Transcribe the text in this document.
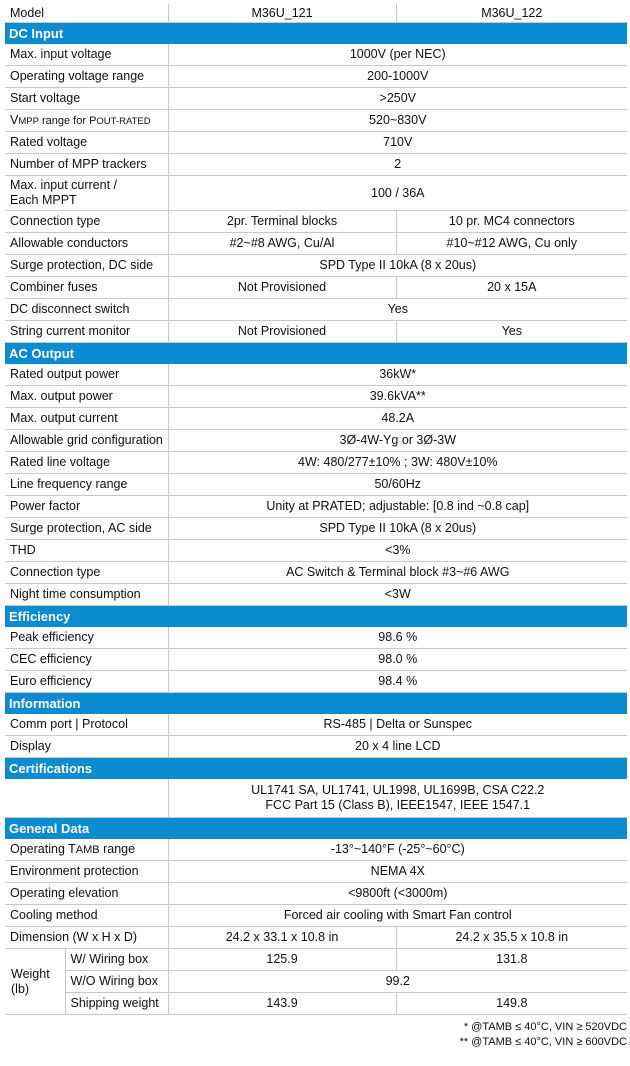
Model		M36U_121	M36U_122
DC Input			
Max. input voltage		1000V (per NEC)	
Operating voltage range		200-1000V	
Start voltage		>250V	
VMPP range for POUT-RATED		520~830V	
Rated voltage		710V	
Number of MPP trackers		2	
Max. input current /
Each MPPT		100 / 36A	
Connection type		2pr. Terminal blocks	10 pr. MC4 connectors
Allowable conductors		#2~#8 AWG, Cu/Al	#10~#12 AWG, Cu only
Surge protection, DC side		SPD Type II 10kA (8 x 20us)	
Combiner fuses		Not Provisioned	20 x 15A
DC disconnect switch		Yes	
String current monitor		Not Provisioned	Yes
AC Output			
Rated output power		36kW*	
Max. output power		39.6kVA**	
Max. output current		48.2A	
Allowable grid configuration		3Ø-4W-Yg or 3Ø-3W	
Rated line voltage		4W: 480/277±10% ; 3W: 480V±10%	
Line frequency range		50/60Hz	
Power factor		Unity at PRATED; adjustable: [0.8 ind ~0.8 cap]	
Surge protection, AC side		SPD Type II 10kA (8 x 20us)	
THD		<3%	
Connection type		AC Switch & Terminal block #3~#6 AWG	
Night time consumption		<3W	
Efficiency			
Peak efficiency		98.6 %	
CEC efficiency		98.0 %	
Euro efficiency		98.4 %	
Information			
Comm port | Protocol		RS-485 | Delta or Sunspec	
Display		20 x 4 line LCD	
Certifications			
		UL1741 SA, UL1741, UL1998, UL1699B, CSA C22.2
FCC Part 15 (Class B), IEEE1547, IEEE 1547.1	
General Data			
Operating TAMB range		-13°~140°F (-25°~60°C)	
Environment protection		NEMA 4X	
Operating elevation		<9800ft (<3000m)	
Cooling method		Forced air cooling with Smart Fan control	
Dimension (W x H x D)		24.2 x 33.1 x 10.8 in	24.2 x 35.5 x 10.8 in
Weight
(lb)	W/ Wiring box	125.9	131.8
	W/O Wiring box	99.2	
	Shipping weight	143.9	149.8
* @TAMB ≤ 40°C, VIN ≥ 520VDC
** @TAMB ≤ 40°C, VIN ≥ 600VDC
